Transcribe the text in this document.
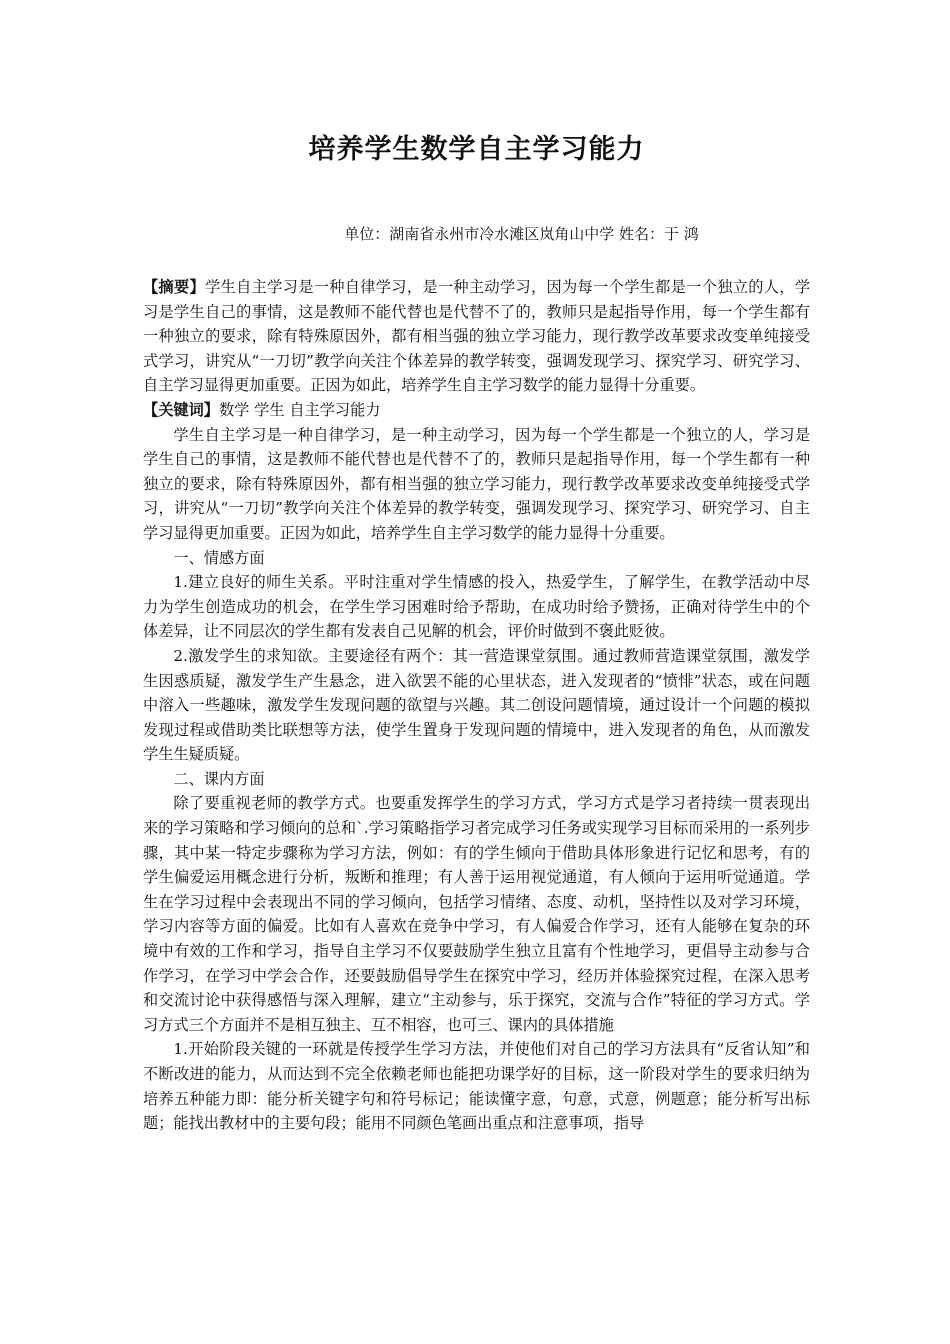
培养学生数学自主学习能力
单位：湖南省永州市冷水滩区岚角山中学 姓名：于 鸿

【摘要】学生自主学习是一种自律学习，是一种主动学习，因为每一个学生都是一个独立的人，学习是学生自己的事情，这是教师不能代替也是代替不了的，教师只是起指导作用，每一个学生都有一种独立的要求，除有特殊原因外，都有相当强的独立学习能力，现行教学改革要求改变单纯接受式学习，讲究从“一刀切”教学向关注个体差异的教学转变，强调发现学习、探究学习、研究学习、自主学习显得更加重要。正因为如此，培养学生自主学习数学的能力显得十分重要。

【关键词】数学 学生 自主学习能力

学生自主学习是一种自律学习，是一种主动学习，因为每一个学生都是一个独立的人，学习是学生自己的事情，这是教师不能代替也是代替不了的，教师只是起指导作用，每一个学生都有一种独立的要求，除有特殊原因外，都有相当强的独立学习能力，现行教学改革要求改变单纯接受式学习，讲究从“一刀切”教学向关注个体差异的教学转变，强调发现学习、探究学习、研究学习、自主学习显得更加重要。正因为如此，培养学生自主学习数学的能力显得十分重要。

一、情感方面

1.建立良好的师生关系。平时注重对学生情感的投入，热爱学生，了解学生，在教学活动中尽力为学生创造成功的机会，在学生学习困难时给予帮助，在成功时给予赞扬，正确对待学生中的个体差异，让不同层次的学生都有发表自己见解的机会，评价时做到不褒此贬彼。

2.激发学生的求知欲。主要途径有两个：其一营造课堂氛围。通过教师营造课堂氛围，激发学生因惑质疑，激发学生产生悬念，进入欲罢不能的心里状态，进入发现者的“愤悱”状态，或在问题中溶入一些趣味，激发学生发现问题的欲望与兴趣。其二创设问题情境，通过设计一个问题的模拟发现过程或借助类比联想等方法，使学生置身于发现问题的情境中，进入发现者的角色，从而激发学生生疑质疑。

二、课内方面

除了要重视老师的教学方式。也要重发挥学生的学习方式，学习方式是学习者持续一贯表现出来的学习策略和学习倾向的总和`.学习策略指学习者完成学习任务或实现学习目标而采用的一系列步骤，其中某一特定步骤称为学习方法，例如：有的学生倾向于借助具体形象进行记忆和思考，有的学生偏爱运用概念进行分析，叛断和推理；有人善于运用视觉通道，有人倾向于运用听觉通道。学生在学习过程中会表现出不同的学习倾向，包括学习情绪、态度、动机，坚持性以及对学习环境，学习内容等方面的偏爱。比如有人喜欢在竞争中学习，有人偏爱合作学习，还有人能够在复杂的环境中有效的工作和学习，指导自主学习不仅要鼓励学生独立且富有个性地学习，更倡导主动参与合作学习，在学习中学会合作，还要鼓励倡导学生在探究中学习，经历并体验探究过程，在深入思考和交流讨论中获得感悟与深入理解，建立“主动参与，乐于探究，交流与合作”特征的学习方式。学习方式三个方面并不是相互独主、互不相容，也可三、课内的具体措施

1.开始阶段关键的一环就是传授学生学习方法，并使他们对自己的学习方法具有“反省认知”和不断改进的能力，从而达到不完全依赖老师也能把功课学好的目标，这一阶段对学生的要求归纳为培养五种能力即：能分析关键字句和符号标记；能读懂字意，句意，式意，例题意；能分析写出标题；能找出教材中的主要句段；能用不同颜色笔画出重点和注意事项，指导
